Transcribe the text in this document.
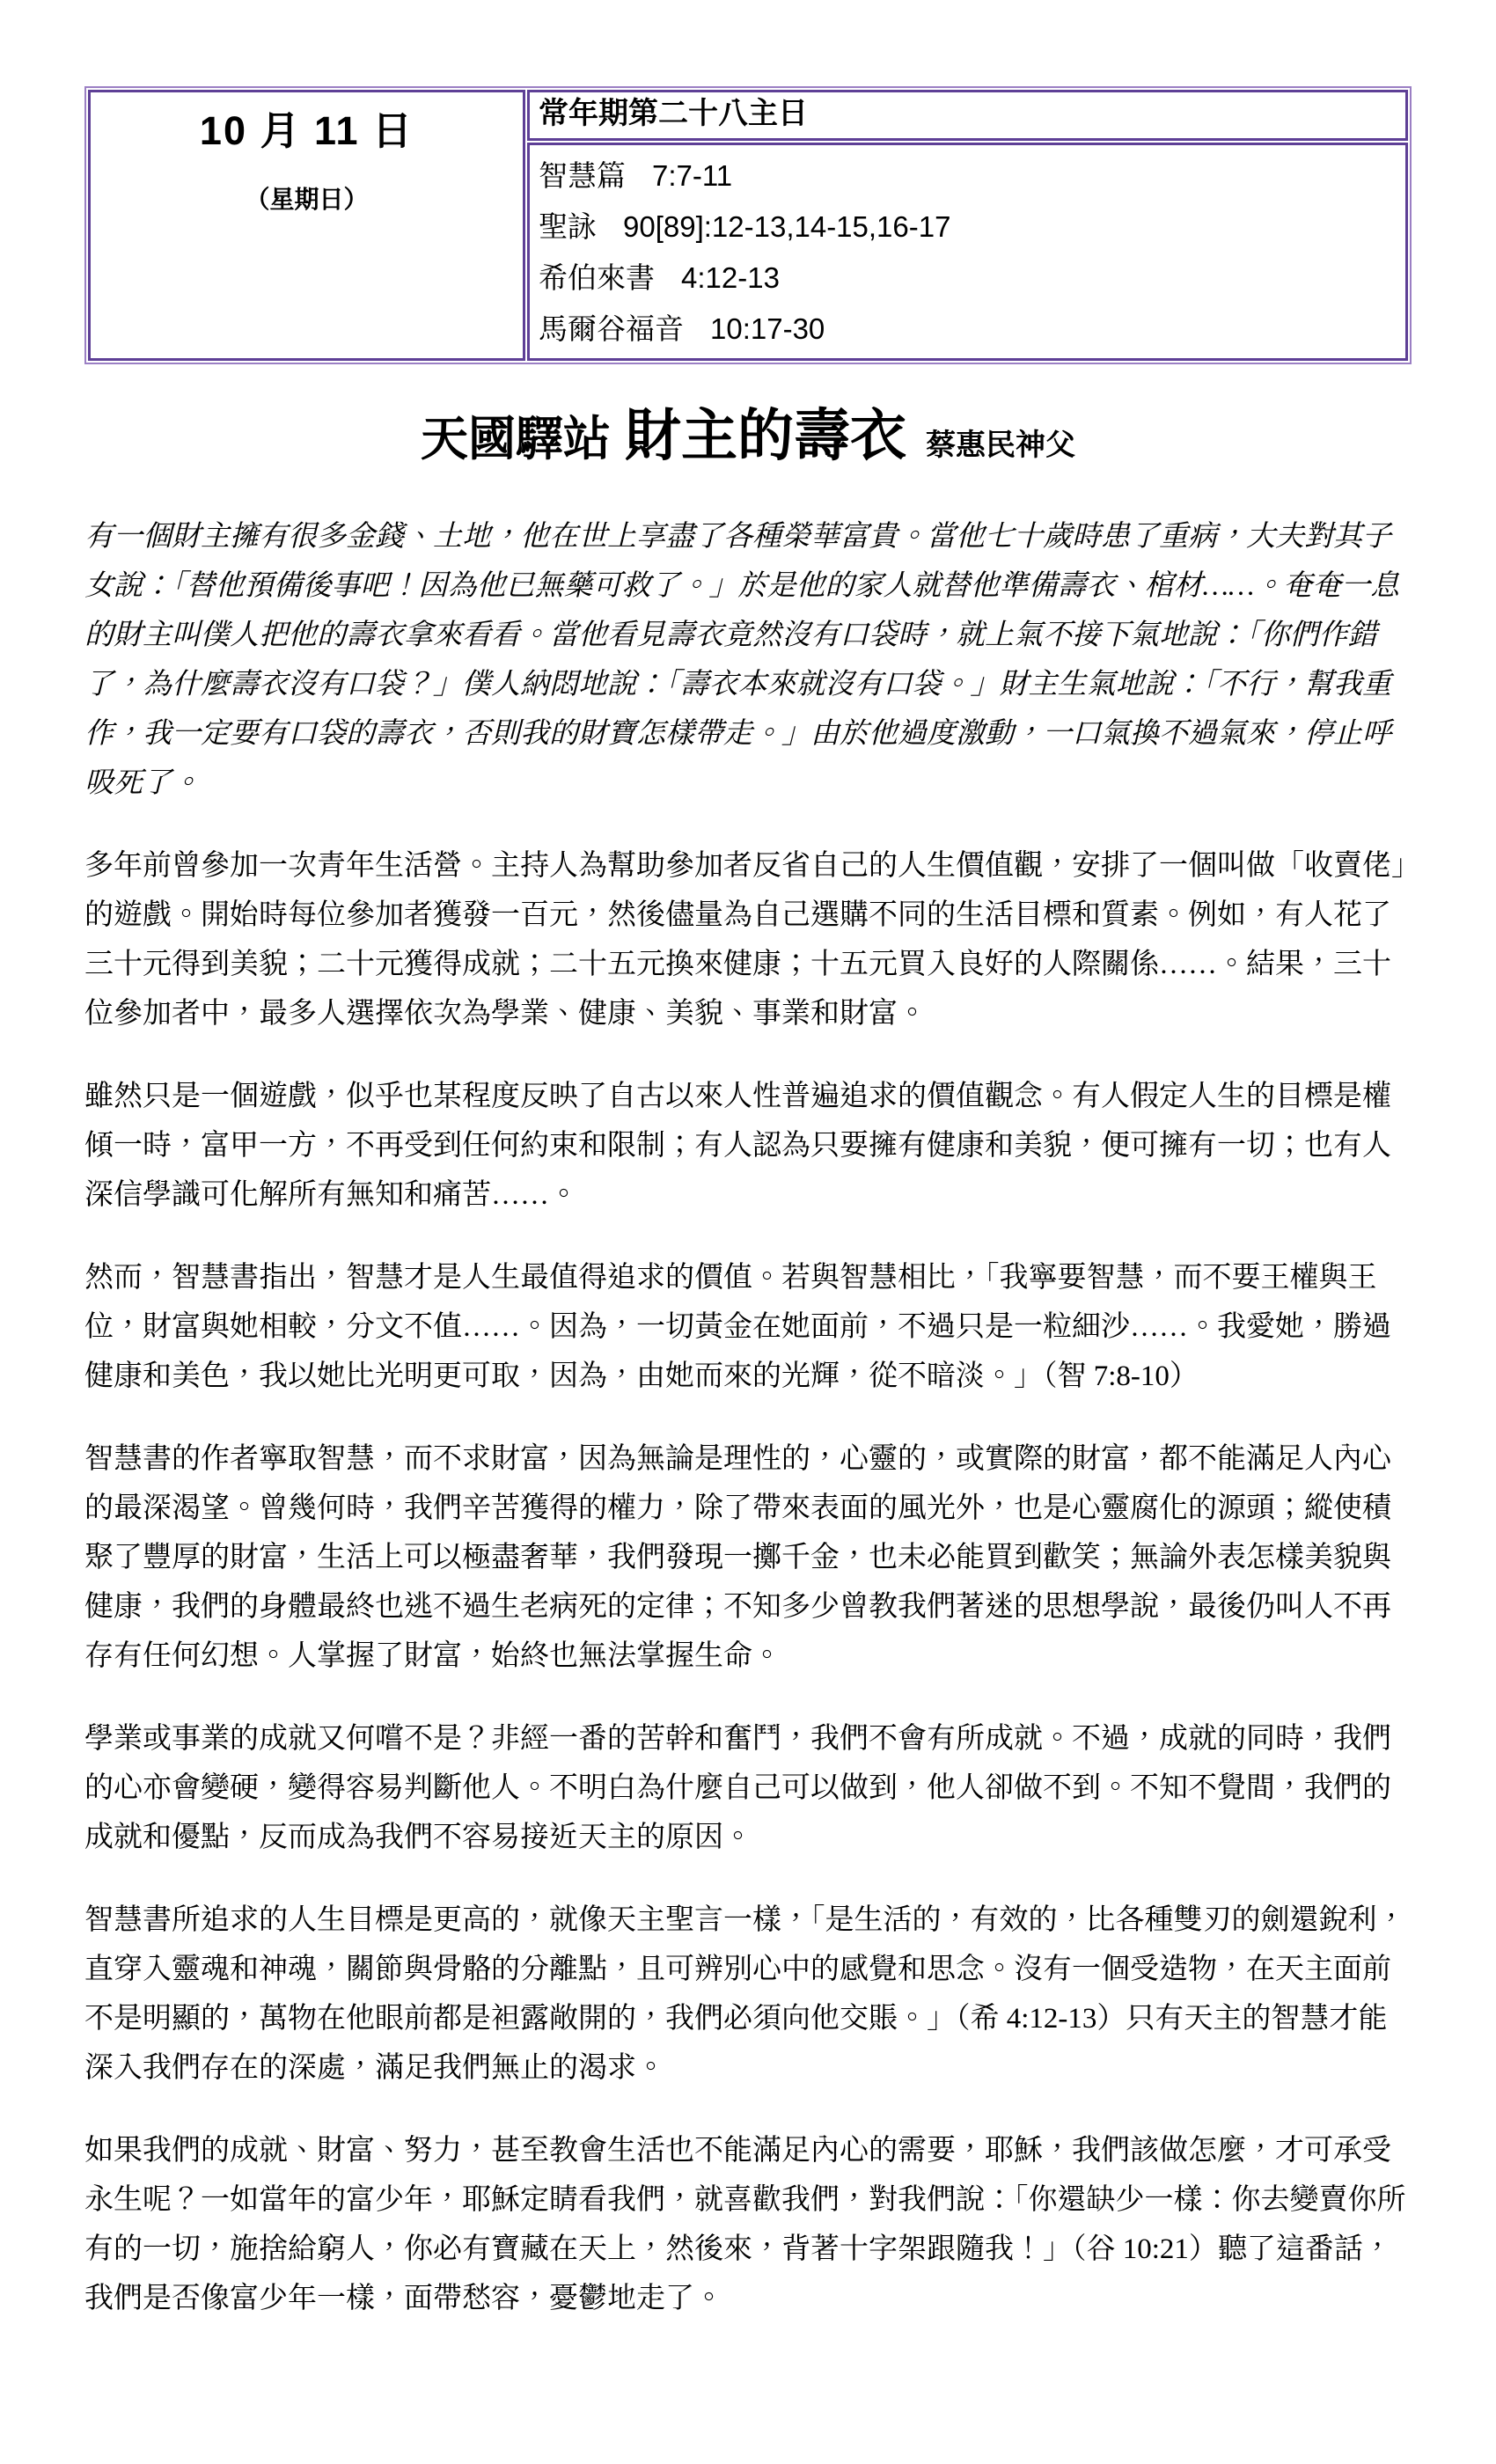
10 月 11 日
（星期日）

常年期第二十八主日

智慧篇 7:7-11
聖詠 90[89]:12-13,14-15,16-17
希伯來書 4:12-13
馬爾谷福音 10:17-30
天國驛站 財主的壽衣 蔡惠民神父

有一個財主擁有很多金錢、土地，他在世上享盡了各種榮華富貴。當他七十歲時患了重病，大夫對其子女說：「替他預備後事吧！因為他已無藥可救了。」於是他的家人就替他準備壽衣、棺材……。奄奄一息的財主叫僕人把他的壽衣拿來看看。當他看見壽衣竟然沒有口袋時，就上氣不接下氣地說：「你們作錯了，為什麼壽衣沒有口袋？」僕人納悶地說：「壽衣本來就沒有口袋。」財主生氣地說：「不行，幫我重作，我一定要有口袋的壽衣，否則我的財寶怎樣帶走。」由於他過度激動，一口氣換不過氣來，停止呼吸死了。

多年前曾參加一次青年生活營。主持人為幫助參加者反省自己的人生價值觀，安排了一個叫做「收賣佬」的遊戲。開始時每位參加者獲發一百元，然後儘量為自己選購不同的生活目標和質素。例如，有人花了三十元得到美貌；二十元獲得成就；二十五元換來健康；十五元買入良好的人際關係……。結果，三十位參加者中，最多人選擇依次為學業、健康、美貌、事業和財富。

雖然只是一個遊戲，似乎也某程度反映了自古以來人性普遍追求的價值觀念。有人假定人生的目標是權傾一時，富甲一方，不再受到任何約束和限制；有人認為只要擁有健康和美貌，便可擁有一切；也有人深信學識可化解所有無知和痛苦……。

然而，智慧書指出，智慧才是人生最值得追求的價值。若與智慧相比，「我寧要智慧，而不要王權與王位，財富與她相較，分文不值……。因為，一切黃金在她面前，不過只是一粒細沙……。我愛她，勝過健康和美色，我以她比光明更可取，因為，由她而來的光輝，從不暗淡。」（智 7:8-10）

智慧書的作者寧取智慧，而不求財富，因為無論是理性的，心靈的，或實際的財富，都不能滿足人內心的最深渴望。曾幾何時，我們辛苦獲得的權力，除了帶來表面的風光外，也是心靈腐化的源頭；縱使積聚了豐厚的財富，生活上可以極盡奢華，我們發現一擲千金，也未必能買到歡笑；無論外表怎樣美貌與健康，我們的身體最終也逃不過生老病死的定律；不知多少曾教我們著迷的思想學說，最後仍叫人不再存有任何幻想。人掌握了財富，始終也無法掌握生命。

學業或事業的成就又何嚐不是？非經一番的苦幹和奮鬥，我們不會有所成就。不過，成就的同時，我們的心亦會變硬，變得容易判斷他人。不明白為什麼自己可以做到，他人卻做不到。不知不覺間，我們的成就和優點，反而成為我們不容易接近天主的原因。

智慧書所追求的人生目標是更高的，就像天主聖言一樣，「是生活的，有效的，比各種雙刃的劍還銳利，直穿入靈魂和神魂，關節與骨骼的分離點，且可辨別心中的感覺和思念。沒有一個受造物，在天主面前不是明顯的，萬物在他眼前都是袒露敞開的，我們必須向他交賬。」（希 4:12-13）只有天主的智慧才能深入我們存在的深處，滿足我們無止的渴求。

如果我們的成就、財富、努力，甚至教會生活也不能滿足內心的需要，耶穌，我們該做怎麼，才可承受永生呢？一如當年的富少年，耶穌定睛看我們，就喜歡我們，對我們說：「你還缺少一樣：你去變賣你所有的一切，施捨給窮人，你必有寶藏在天上，然後來，背著十字架跟隨我！」（谷 10:21）聽了這番話，我們是否像富少年一樣，面帶愁容，憂鬱地走了。
